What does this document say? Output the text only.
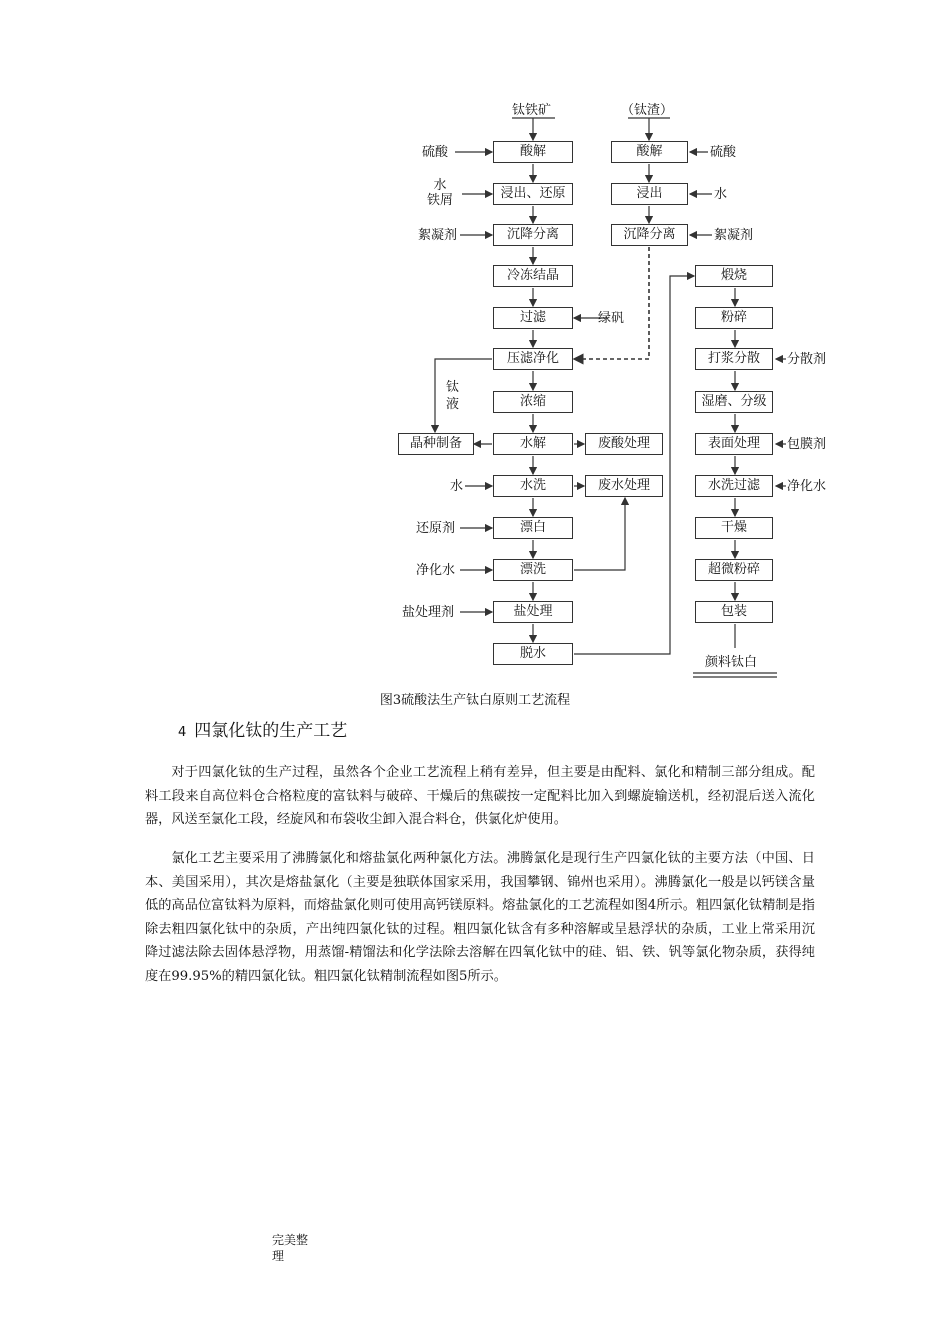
钛铁矿	（钛渣）
酸解
浸出、还原
沉降分离
冷冻结晶
过滤
压滤净化
浓缩
水解
水洗
漂白
漂洗
盐处理
脱水
硫酸
水
铁屑
絮凝剂
绿矾
钛
液
水
还原剂
净化水
盐处理剂
晶种制备	废酸处理
废水处理
酸解
浸出
沉降分离
硫酸
水
絮凝剂
煅烧
粉碎
打浆分散
湿磨、分级
表面处理
水洗过滤
干燥
超微粉碎
包装
分散剂
包膜剂
净化水
颜料钛白
图3硫酸法生产钛白原则工艺流程
4 四氯化钛的生产工艺

对于四氯化钛的生产过程，虽然各个企业工艺流程上稍有差异，但主要是由配料、氯化和精制三部分组成。配料工段来自高位料仓合格粒度的富钛料与破碎、干燥后的焦碳按一定配料比加入到螺旋输送机，经初混后送入流化器，风送至氯化工段，经旋风和布袋收尘卸入混合料仓，供氯化炉使用。

氯化工艺主要采用了沸腾氯化和熔盐氯化两种氯化方法。沸腾氯化是现行生产四氯化钛的主要方法（中国、日本、美国采用），其次是熔盐氯化（主要是独联体国家采用，我国攀钢、锦州也采用）。沸腾氯化一般是以钙镁含量低的高品位富钛料为原料，而熔盐氯化则可使用高钙镁原料。熔盐氯化的工艺流程如图4所示。粗四氯化钛精制是指除去粗四氯化钛中的杂质，产出纯四氯化钛的过程。粗四氯化钛含有多种溶解或呈悬浮状的杂质，工业上常采用沉降过滤法除去固体悬浮物，用蒸馏-精馏法和化学法除去溶解在四氧化钛中的硅、铝、铁、钒等氯化物杂质，获得纯度在99.95%的精四氯化钛。粗四氯化钛精制流程如图5所示。

完美整理
